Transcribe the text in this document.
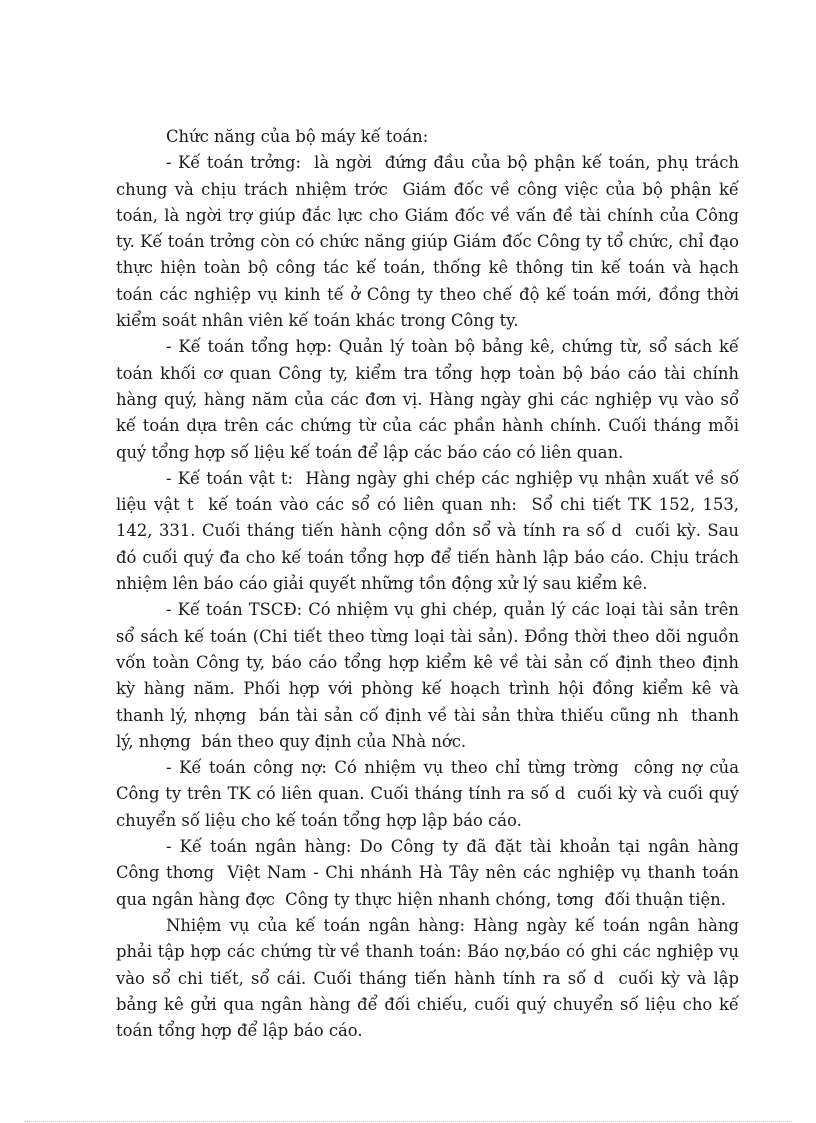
Chức năng của bộ máy kế toán:

- Kế toán trởng:  là ngời  đứng đầu của bộ phận kế toán, phụ trách chung và chịu trách nhiệm trớc  Giám đốc về công việc của bộ phận kế toán, là ngời trợ giúp đắc lực cho Giám đốc về vấn đề tài chính của Công ty. Kế toán trởng còn có chức năng giúp Giám đốc Công ty tổ chức, chỉ đạo thực hiện toàn bộ công tác kế toán, thống kê thông tin kế toán và hạch toán các nghiệp vụ kinh tế ở Công ty theo chế độ kế toán mới, đồng thời kiểm soát nhân viên kế toán khác trong Công ty.

- Kế toán tổng hợp: Quản lý toàn bộ bảng kê, chứng từ, sổ sách kế toán khối cơ quan Công ty, kiểm tra tổng hợp toàn bộ báo cáo tài chính hàng quý, hàng năm của các đơn vị. Hàng ngày ghi các nghiệp vụ vào sổ kế toán dựa trên các chứng từ của các phần hành chính. Cuối tháng mỗi quý tổng hợp số liệu kế toán để lập các báo cáo có liên quan.

- Kế toán vật t:  Hàng ngày ghi chép các nghiệp vụ nhận xuất về số liệu vật t  kế toán vào các sổ có liên quan nh:  Sổ chi tiết TK 152, 153, 142, 331. Cuối tháng tiến hành cộng dồn sổ và tính ra số d  cuối kỳ. Sau đó cuối quý đa cho kế toán tổng hợp để tiến hành lập báo cáo. Chịu trách nhiệm lên báo cáo giải quyết những tồn động xử lý sau kiểm kê.

- Kế toán TSCĐ: Có nhiệm vụ ghi chép, quản lý các loại tài sản trên sổ sách kế toán (Chi tiết theo từng loại tài sản). Đồng thời theo dõi nguồn vốn toàn Công ty, báo cáo tổng hợp kiểm kê về tài sản cố định theo định kỳ hàng năm. Phối hợp với phòng kế hoạch trình hội đồng kiểm kê và thanh lý, nhợng  bán tài sản cố định về tài sản thừa thiếu cũng nh  thanh lý, nhợng  bán theo quy định của Nhà nớc.

- Kế toán công nợ: Có nhiệm vụ theo chỉ từng trờng  công nợ của Công ty trên TK có liên quan. Cuối tháng tính ra số d  cuối kỳ và cuối quý chuyển số liệu cho kế toán tổng hợp lập báo cáo.

- Kế toán ngân hàng: Do Công ty đã đặt tài khoản tại ngân hàng Công thơng  Việt Nam - Chi nhánh Hà Tây nên các nghiệp vụ thanh toán qua ngân hàng đợc  Công ty thực hiện nhanh chóng, tơng  đối thuận tiện.

Nhiệm vụ của kế toán ngân hàng: Hàng ngày kế toán ngân hàng phải tập hợp các chứng từ về thanh toán: Báo nợ,báo có ghi các nghiệp vụ vào sổ chi tiết, sổ cái. Cuối tháng tiến hành tính ra số d  cuối kỳ và lập bảng kê gửi qua ngân hàng để đối chiếu, cuối quý chuyển số liệu cho kế toán tổng hợp để lập báo cáo.
